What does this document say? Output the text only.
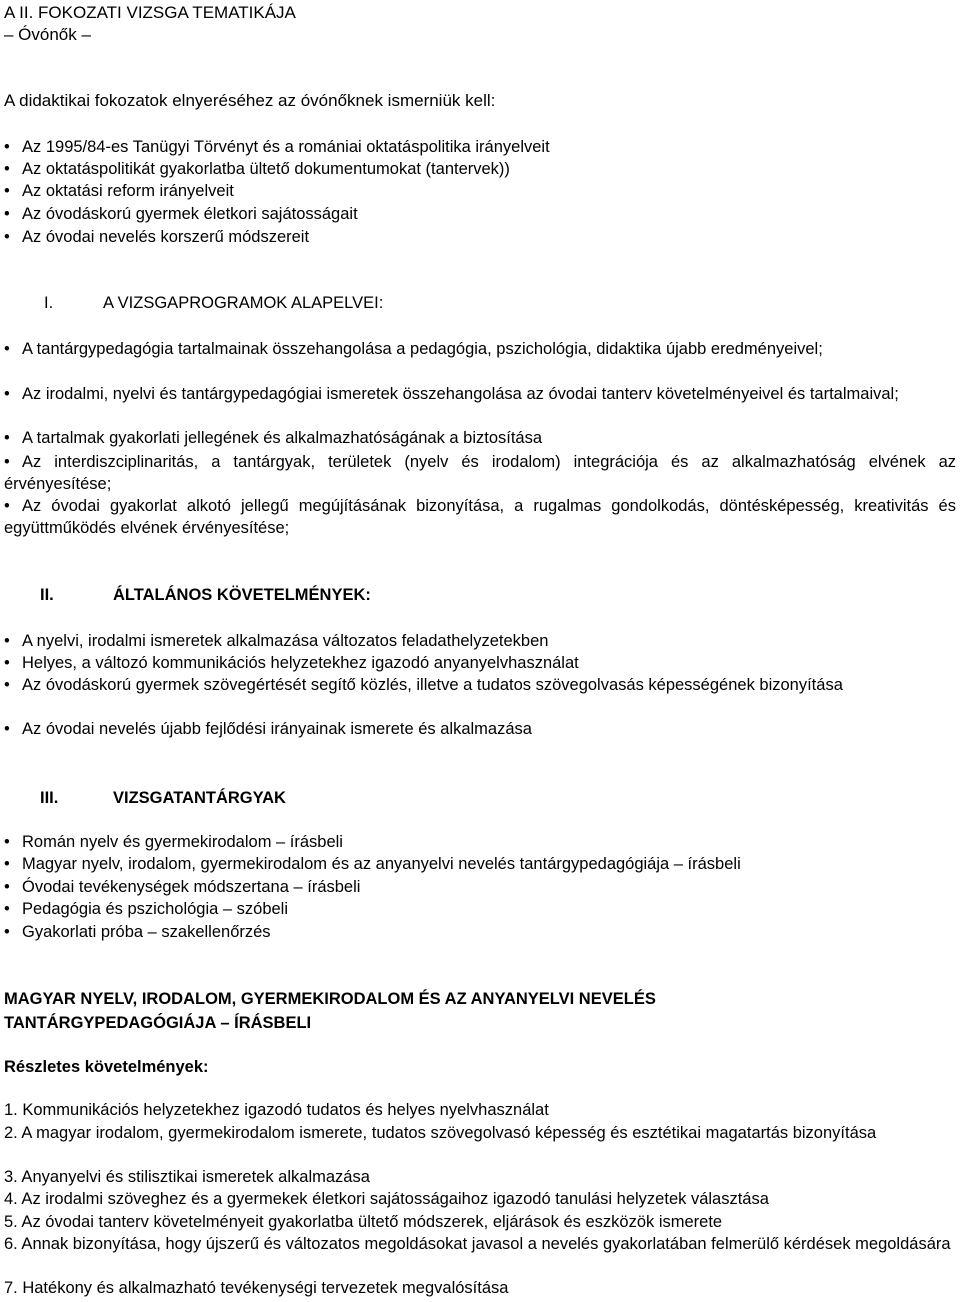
A II. FOKOZATI VIZSGA TEMATIKÁJA
– Óvónők –
A didaktikai fokozatok elnyeréséhez az óvónőknek ismerniük kell:
• Az 1995/84-es Tanügyi Törvényt és a romániai oktatáspolitika irányelveit
• Az oktatáspolitikát gyakorlatba ültető dokumentumokat (tantervek))
• Az oktatási reform irányelveit
• Az óvodáskorú gyermek életkori sajátosságait
• Az óvodai nevelés korszerű módszereit
I.	A VIZSGAPROGRAMOK ALAPELVEI:
• A tantárgypedagógia tartalmainak összehangolása a pedagógia, pszichológia, didaktika újabb eredményeivel;
• Az irodalmi, nyelvi és tantárgypedagógiai ismeretek összehangolása az óvodai tanterv követelményeivel és tartalmaival;
• A tartalmak gyakorlati jellegének és alkalmazhatóságának a biztosítása
• Az interdiszciplinaritás, a tantárgyak, területek (nyelv és irodalom) integrációja és az alkalmazhatóság elvének az érvényesítése;
• Az óvodai gyakorlat alkotó jellegű megújításának bizonyítása, a rugalmas gondolkodás, döntésképesség, kreativitás és együttműködés elvének érvényesítése;
II.	ÁLTALÁNOS KÖVETELMÉNYEK:
• A nyelvi, irodalmi ismeretek alkalmazása változatos feladathelyzetekben
• Helyes, a változó kommunikációs helyzetekhez igazodó anyanyelvhasználat
• Az óvodáskorú gyermek szövegértését segítő közlés, illetve a tudatos szövegolvasás képességének bizonyítása
• Az óvodai nevelés újabb fejlődési irányainak ismerete és alkalmazása
III.	VIZSGATANTÁRGYAK
• Román nyelv és gyermekirodalom – írásbeli
• Magyar nyelv, irodalom, gyermekirodalom és az anyanyelvi nevelés tantárgypedagógiája – írásbeli
• Óvodai tevékenységek módszertana – írásbeli
• Pedagógia és pszichológia – szóbeli
• Gyakorlati próba – szakellenőrzés
MAGYAR NYELV, IRODALOM, GYERMEKIRODALOM ÉS AZ ANYANYELVI NEVELÉS
TANTÁRGYPEDAGÓGIÁJA – ÍRÁSBELI
Részletes követelmények:
1. Kommunikációs helyzetekhez igazodó tudatos és helyes nyelvhasználat
2. A magyar irodalom, gyermekirodalom ismerete, tudatos szövegolvasó képesség és esztétikai magatartás bizonyítása
3. Anyanyelvi és stilisztikai ismeretek alkalmazása
4. Az irodalmi szöveghez és a gyermekek életkori sajátosságaihoz igazodó tanulási helyzetek választása
5. Az óvodai tanterv követelményeit gyakorlatba ültető módszerek, eljárások és eszközök ismerete
6. Annak bizonyítása, hogy újszerű és változatos megoldásokat javasol a nevelés gyakorlatában felmerülő kérdések megoldására
7. Hatékony és alkalmazható tevékenységi tervezetek megvalósítása
